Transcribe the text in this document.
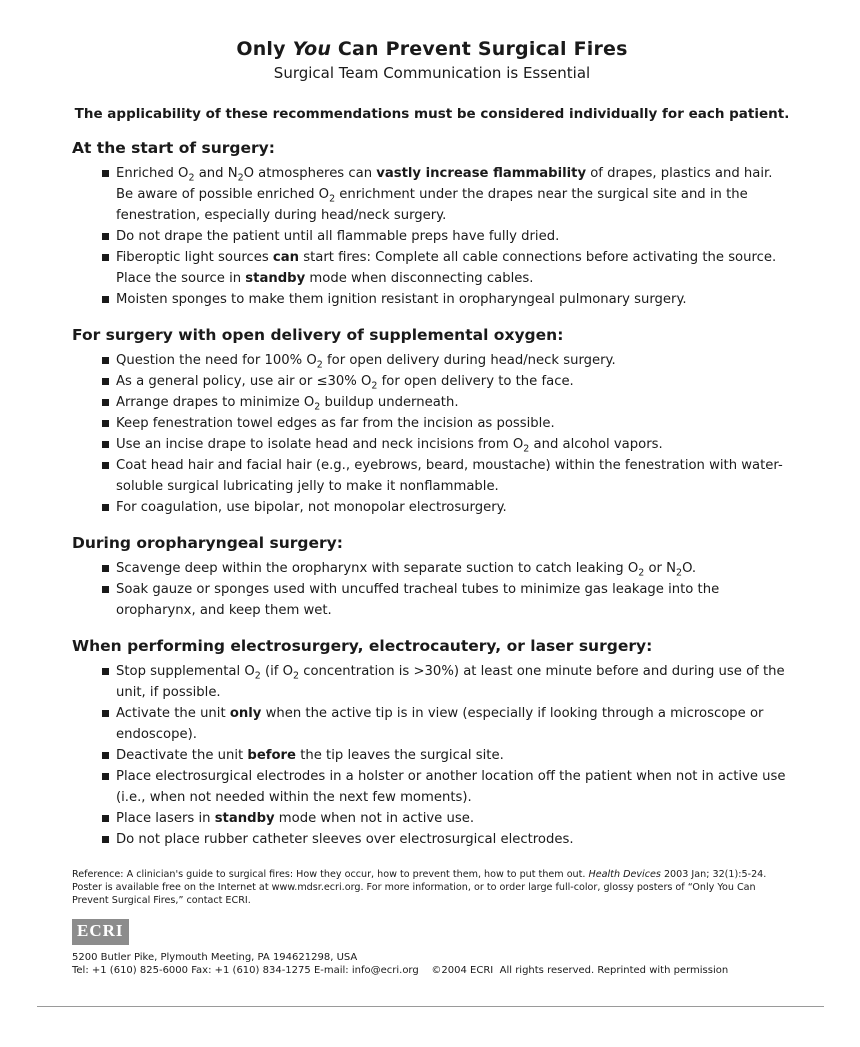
Only You Can Prevent Surgical Fires
Surgical Team Communication is Essential
The applicability of these recommendations must be considered individually for each patient.
At the start of surgery:
Enriched $O_2$ and $N_2O$ atmospheres can vastly increase flammability of drapes, plastics and hair. Be aware of possible enriched $O_2$ enrichment under the drapes near the surgical site and in the fenestration, especially during head/neck surgery.
Do not drape the patient until all flammable preps have fully dried.
Fiberoptic light sources can start fires: Complete all cable connections before activating the source. Place the source in standby mode when disconnecting cables.
Moisten sponges to make them ignition resistant in oropharyngeal pulmonary surgery.
For surgery with open delivery of supplemental oxygen:
Question the need for 100% $O_2$ for open delivery during head/neck surgery.
As a general policy, use air or ≤30% $O_2$ for open delivery to the face.
Arrange drapes to minimize $O_2$ buildup underneath.
Keep fenestration towel edges as far from the incision as possible.
Use an incise drape to isolate head and neck incisions from $O_2$ and alcohol vapors.
Coat head hair and facial hair (e.g., eyebrows, beard, moustache) within the fenestration with water-soluble surgical lubricating jelly to make it nonflammable.
For coagulation, use bipolar, not monopolar electrosurgery.
During oropharyngeal surgery:
Scavenge deep within the oropharynx with separate suction to catch leaking $O_2$ or $N_2O$.
Soak gauze or sponges used with uncuffed tracheal tubes to minimize gas leakage into the oropharynx, and keep them wet.
When performing electrosurgery, electrocautery, or laser surgery:
Stop supplemental $O_2$ (if $O_2$ concentration is >30%) at least one minute before and during use of the unit, if possible.
Activate the unit only when the active tip is in view (especially if looking through a microscope or endoscope).
Deactivate the unit before the tip leaves the surgical site.
Place electrosurgical electrodes in a holster or another location off the patient when not in active use (i.e., when not needed within the next few moments).
Place lasers in standby mode when not in active use.
Do not place rubber catheter sleeves over electrosurgical electrodes.
Reference: A clinician's guide to surgical fires: How they occur, how to prevent them, how to put them out. Health Devices 2003 Jan; 32(1):5-24. Poster is available free on the Internet at www.mdsr.ecri.org. For more information, or to order large full-color, glossy posters of “Only You Can Prevent Surgical Fires,” contact ECRI.
ECRI
5200 Butler Pike, Plymouth Meeting, PA 194621298, USA
Tel: +1 (610) 825-6000 Fax: +1 (610) 834-1275 E-mail: info@ecri.org    ©2004 ECRI  All rights reserved. Reprinted with permission
